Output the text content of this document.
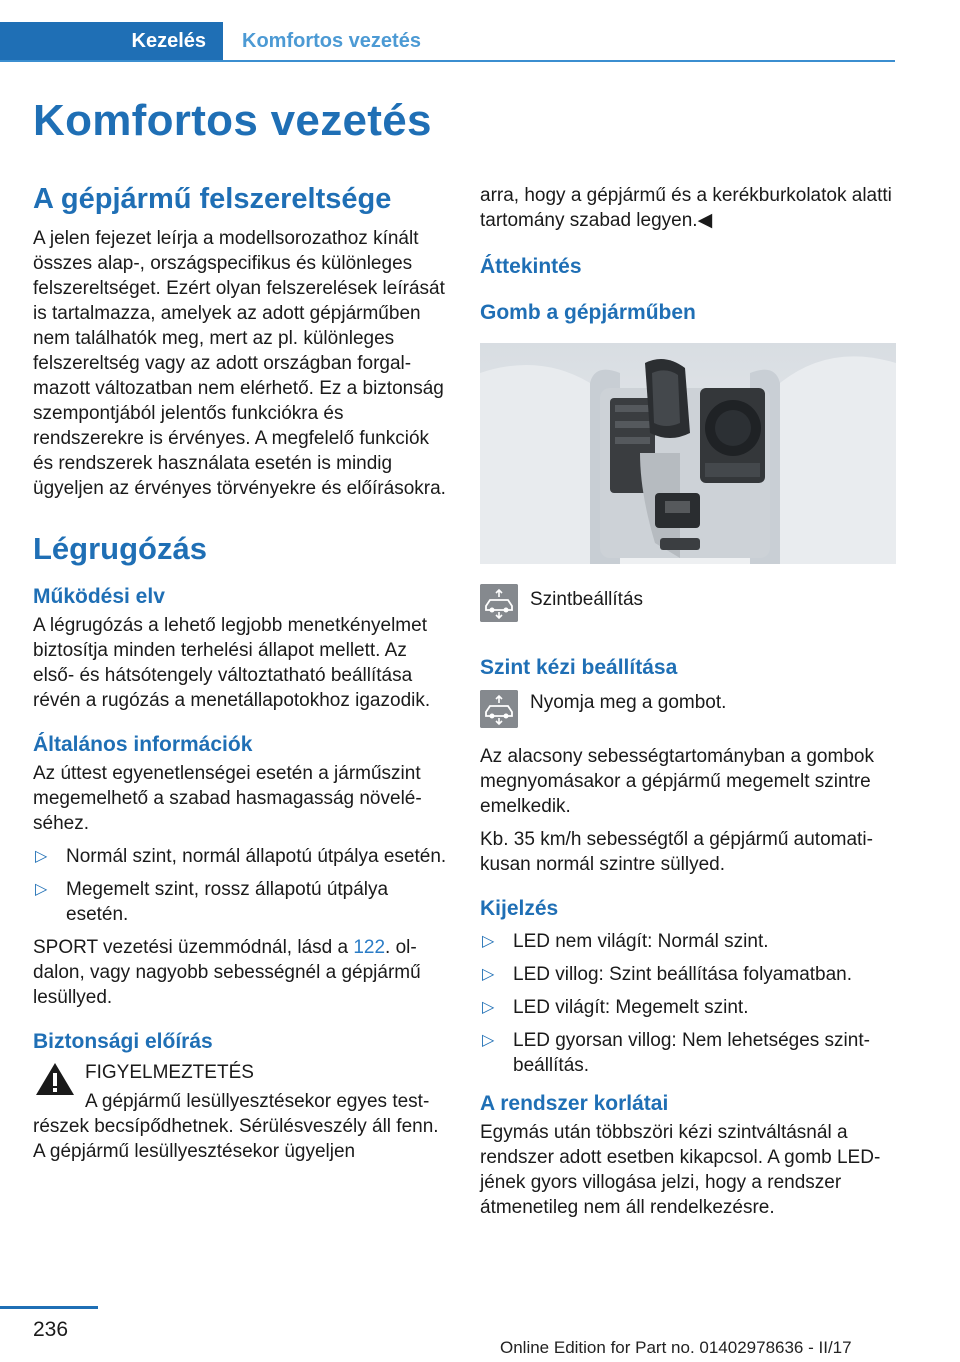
Kezelés	Komfortos vezetés
Komfortos vezetés
A gépjármű felszereltsége

A jelen fejezet leírja a modellsorozathoz kínált összes alap-, országspecifikus és különleges felszereltséget. Ezért olyan felszerelések leírását is tartalmazza, amelyek az adott gépjárműben nem találhatók meg, mert az pl. különleges felszereltség vagy az adott országban forgalmazott változatban nem elérhető. Ez a biztonság szempontjából jelentős funkciókra és rendszerekre is érvényes. A megfelelő funkciók és rendszerek használata esetén is mindig ügyeljen az érvényes törvényekre és előírásokra.

Légrugózás
Működési elv

A légrugózás a lehető legjobb menetkényelmet biztosítja minden terhelési állapot mellett. Az első- és hátsótengely változtatható beállítása révén a rugózás a menetállapotokhoz igazodik.

Általános információk

Az úttest egyenetlenségei esetén a járműszint megemelhető a szabad hasmagasság növeléséhez.

▷ Normál szint, normál állapotú útpálya esetén.
▷ Megemelt szint, rossz állapotú útpálya esetén.

SPORT vezetési üzemmódnál, lásd a 122. oldalon, vagy nagyobb sebességnél a gépjármű lesüllyed.

Biztonsági előírás

FIGYELMEZTETÉS

A gépjármű lesüllyesztésekor egyes testrészek becsípődhetnek. Sérülésveszély áll fenn. A gépjármű lesüllyesztésekor ügyeljen

arra, hogy a gépjármű és a kerékburkolatok alatti tartomány szabad legyen.◀

Áttekintés
Gomb a gépjárműben

Szintbeállítás

Szint kézi beállítása

Nyomja meg a gombot.

Az alacsony sebességtartományban a gombok megnyomásakor a gépjármű megemelt szintre emelkedik.

Kb. 35 km/h sebességtől a gépjármű automatikusan normál szintre süllyed.

Kijelzés
▷ LED nem világít: Normál szint.
▷ LED villog: Szint beállítása folyamatban.
▷ LED világít: Megemelt szint.
▷ LED gyorsan villog: Nem lehetséges szintbeállítás.
A rendszer korlátai

Egymás után többszöri kézi szintváltásnál a rendszer adott esetben kikapcsol. A gomb LED-jének gyors villogása jelzi, hogy a rendszer átmenetileg nem áll rendelkezésre.

236
Online Edition for Part no. 01402978636 - II/17
